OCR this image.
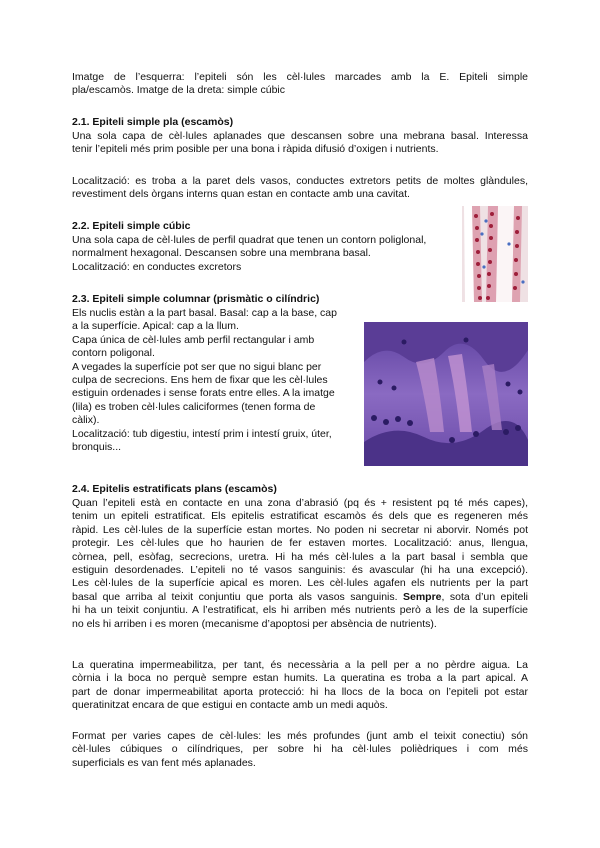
Imatge de l’esquerra: l’epiteli són les cèl·lules marcades amb la E. Epiteli simple
pla/escamòs. Imatge de la dreta: simple cúbic
2.1. Epiteli simple pla (escamòs)
Una sola capa de cèl·lules aplanades que descansen sobre una mebrana basal. Interessa
tenir l’epiteli més prim posible per una bona i ràpida difusió d’oxigen i nutrients.
Localització: es troba a la paret dels vasos, conductes extretors petits de moltes glàndules,
revestiment dels òrgans interns quan estan en contacte amb una cavitat.
2.2. Epiteli simple cúbic
Una sola capa de cèl·lules de perfil quadrat que tenen un contorn poliglonal,
normalment hexagonal. Descansen sobre una membrana basal.
Localització: en conductes excretors
2.3. Epiteli simple columnar (prismàtic o cilíndric)
Els nuclis estàn a la part basal. Basal: cap a la base, cap
a la superfície. Apical: cap a la llum.
Capa única de cèl·lules amb perfil rectangular i amb
contorn poligonal.
A vegades la superfície pot ser que no sigui blanc per
culpa de secrecions. Ens hem de fixar que les cèl·lules
estiguin ordenades i sense forats entre elles. A la imatge
(lila) es troben cèl·lules caliciformes (tenen forma de
càlix).
Localització: tub digestiu, intestí prim i intestí gruix, úter,
bronquis...
2.4. Epitelis estratificats plans (escamòs)
Quan l’epiteli està en contacte en una zona d’abrasió (pq és + resistent pq té més capes),
tenim un epiteli estratificat. Els epitelis estratificat escamòs és dels que es regeneren més
ràpid. Les cèl·lules de la superfície estan mortes. No poden ni secretar ni aborvir. Només pot
protegir. Les cèl·lules que ho haurien de fer estaven mortes. Localització: anus, llengua,
còrnea, pell, esòfag, secrecions, uretra. Hi ha més cèl·lules a la part basal i sembla que
estiguin desordenades. L’epiteli no té vasos sanguinis: és avascular (hi ha una excepció).
Les cèl·lules de la superfície apical es moren. Les cèl·lules agafen els nutrients per la part
basal que arriba al teixit conjuntiu que porta als vasos sanguinis. Sempre, sota d’un epiteli
hi ha un teixit conjuntiu. A l’estratificat, els hi arriben més nutrients però a les de la superfície
no els hi arriben i es moren (mecanisme d’apoptosi per absència de nutrients).
La queratina impermeabilitza, per tant, és necessària a la pell per a no pèrdre aigua. La
còrnia i la boca no perquè sempre estan humits. La queratina es troba a la part apical. A
part de donar impermeabilitat aporta protecció: hi ha llocs de la boca on l’epiteli pot estar
queratinitzat encara de que estigui en contacte amb un medi aquòs.
Format per varies capes de cèl·lules: les més profundes (junt amb el teixit conectiu) són
cèl·lules cúbiques o cilíndriques, per sobre hi ha cèl·lules polièdriques i com més
superficials es van fent més aplanades.
